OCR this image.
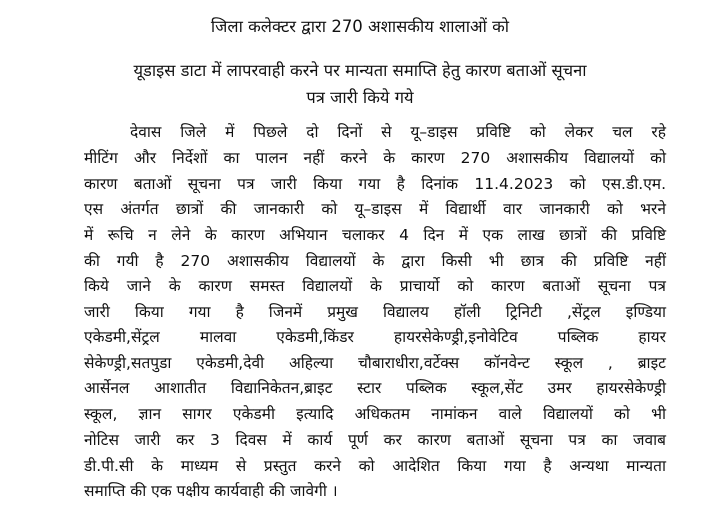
जिला कलेक्टर द्वारा 270 अशासकीय शालाओं को
यूडाइस डाटा में लापरवाही करने पर मान्यता समाप्ति हेतु कारण बताओं सूचना
पत्र जारी किये गये
देवास जिले में पिछले दो दिनों से यू–डाइस प्रविष्टि को लेकर चल रहे
मीटिंग और निर्देशों का पालन नहीं करने के कारण 270 अशासकीय विद्यालयों को
कारण बताओं सूचना पत्र जारी किया गया है दिनांक 11.4.2023 को एस.डी.एम.
एस अंतर्गत छात्रों की जानकारी को यू–डाइस में विद्यार्थी वार जानकारी को भरने
में रूचि न लेने के कारण अभियान चलाकर 4 दिन में एक लाख छात्रों की प्रविष्टि
की गयी है 270 अशासकीय विद्यालयों के द्वारा किसी भी छात्र की प्रविष्टि नहीं
किये जाने के कारण समस्त विद्यालयों के प्राचार्यो को कारण बताओं सूचना पत्र
जारी किया गया है जिनमें प्रमुख विद्यालय हॉली ट्रिनिटी ,सेंट्रल इण्डिया
एकेडमी,सेंट्रल मालवा एकेडमी,किंडर हायरसेकेण्ड्री,इनोवेटिव पब्लिक हायर
सेकेण्ड्री,सतपुडा एकेडमी,देवी अहिल्या चौबाराधीरा,वर्टेक्स कॉनवेन्ट स्कूल , ब्राइट
आर्सेनल आशातीत विद्यानिकेतन,ब्राइट स्टार पब्लिक स्कूल,सेंट उमर हायरसेकेण्ड्री
स्कूल, ज्ञान सागर एकेडमी इत्यादि अधिकतम नामांकन वाले विद्यालयों को भी
नोटिस जारी कर 3 दिवस में कार्य पूर्ण कर कारण बताओं सूचना पत्र का जवाब
डी.पी.सी के माध्यम से प्रस्तुत करने को आदेशित किया गया है अन्यथा मान्यता
समाप्ति की एक पक्षीय कार्यवाही की जावेगी ।
